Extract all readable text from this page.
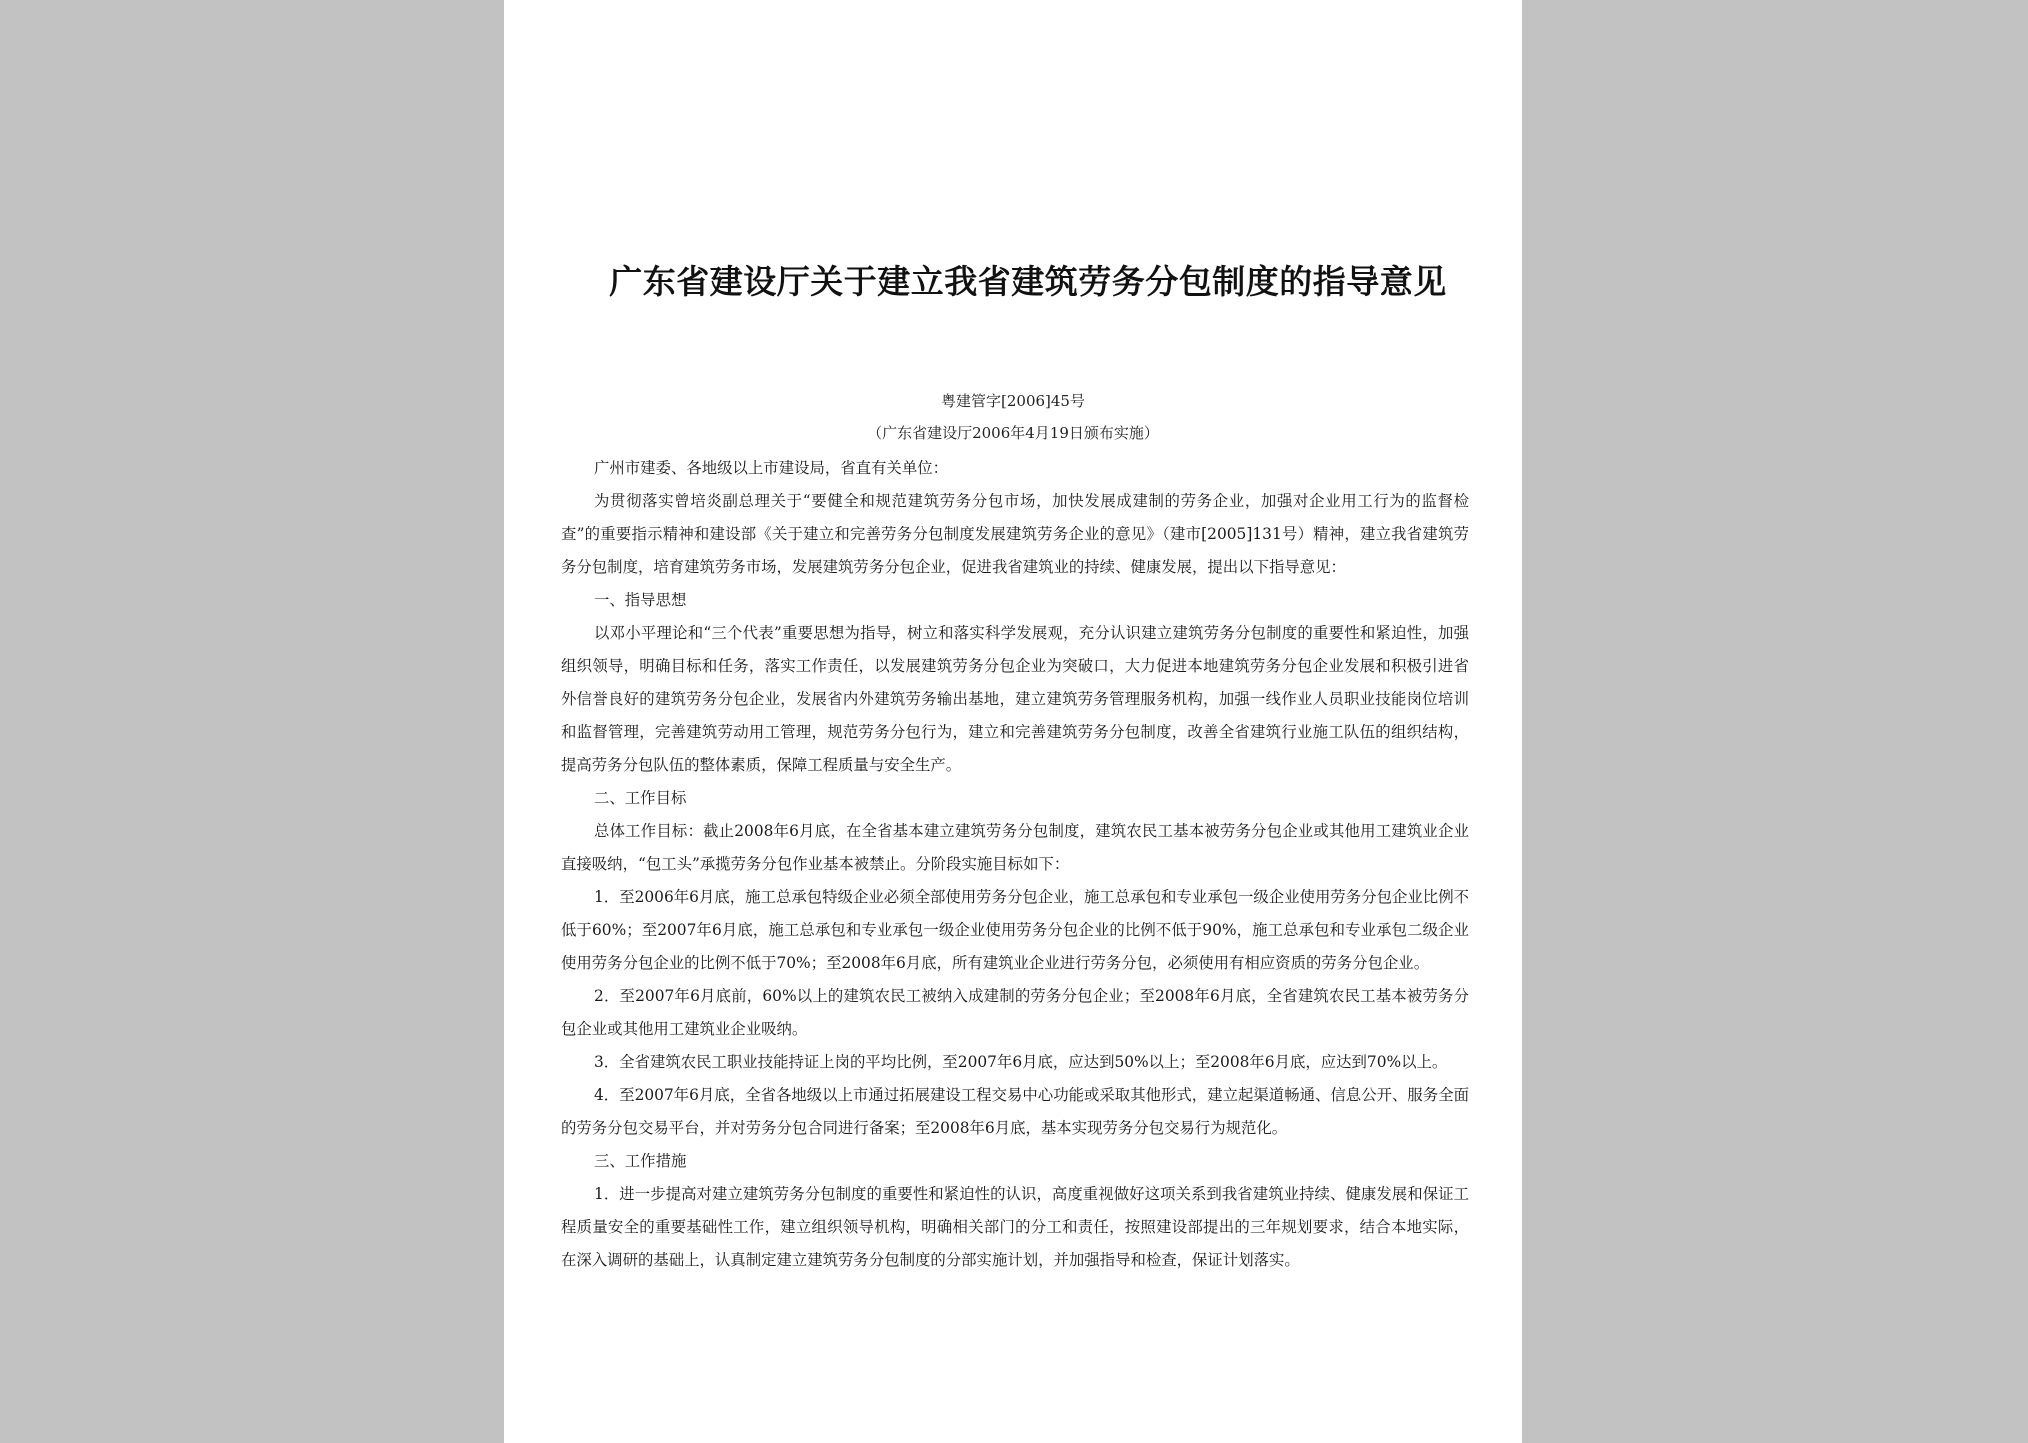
广东省建设厅关于建立我省建筑劳务分包制度的指导意见
粤建管字[2006]45号
（广东省建设厅2006年4月19日颁布实施）

广州市建委、各地级以上市建设局，省直有关单位：

为贯彻落实曾培炎副总理关于“要健全和规范建筑劳务分包市场，加快发展成建制的劳务企业，加强对企业用工行为的监督检查”的重要指示精神和建设部《关于建立和完善劳务分包制度发展建筑劳务企业的意见》（建市[2005]131号）精神，建立我省建筑劳务分包制度，培育建筑劳务市场，发展建筑劳务分包企业，促进我省建筑业的持续、健康发展，提出以下指导意见：

一、指导思想

以邓小平理论和“三个代表”重要思想为指导，树立和落实科学发展观，充分认识建立建筑劳务分包制度的重要性和紧迫性，加强组织领导，明确目标和任务，落实工作责任，以发展建筑劳务分包企业为突破口，大力促进本地建筑劳务分包企业发展和积极引进省外信誉良好的建筑劳务分包企业，发展省内外建筑劳务输出基地，建立建筑劳务管理服务机构，加强一线作业人员职业技能岗位培训和监督管理，完善建筑劳动用工管理，规范劳务分包行为，建立和完善建筑劳务分包制度，改善全省建筑行业施工队伍的组织结构，提高劳务分包队伍的整体素质，保障工程质量与安全生产。

二、工作目标

总体工作目标：截止2008年6月底，在全省基本建立建筑劳务分包制度，建筑农民工基本被劳务分包企业或其他用工建筑业企业直接吸纳，“包工头”承揽劳务分包作业基本被禁止。分阶段实施目标如下：

1．至2006年6月底，施工总承包特级企业必须全部使用劳务分包企业，施工总承包和专业承包一级企业使用劳务分包企业比例不低于60%；至2007年6月底，施工总承包和专业承包一级企业使用劳务分包企业的比例不低于90%，施工总承包和专业承包二级企业使用劳务分包企业的比例不低于70%；至2008年6月底，所有建筑业企业进行劳务分包，必须使用有相应资质的劳务分包企业。

2．至2007年6月底前，60%以上的建筑农民工被纳入成建制的劳务分包企业；至2008年6月底，全省建筑农民工基本被劳务分包企业或其他用工建筑业企业吸纳。

3．全省建筑农民工职业技能持证上岗的平均比例，至2007年6月底，应达到50%以上；至2008年6月底，应达到70%以上。

4．至2007年6月底，全省各地级以上市通过拓展建设工程交易中心功能或采取其他形式，建立起渠道畅通、信息公开、服务全面的劳务分包交易平台，并对劳务分包合同进行备案；至2008年6月底，基本实现劳务分包交易行为规范化。

三、工作措施

1．进一步提高对建立建筑劳务分包制度的重要性和紧迫性的认识，高度重视做好这项关系到我省建筑业持续、健康发展和保证工程质量安全的重要基础性工作，建立组织领导机构，明确相关部门的分工和责任，按照建设部提出的三年规划要求，结合本地实际，在深入调研的基础上，认真制定建立建筑劳务分包制度的分部实施计划，并加强指导和检查，保证计划落实。
